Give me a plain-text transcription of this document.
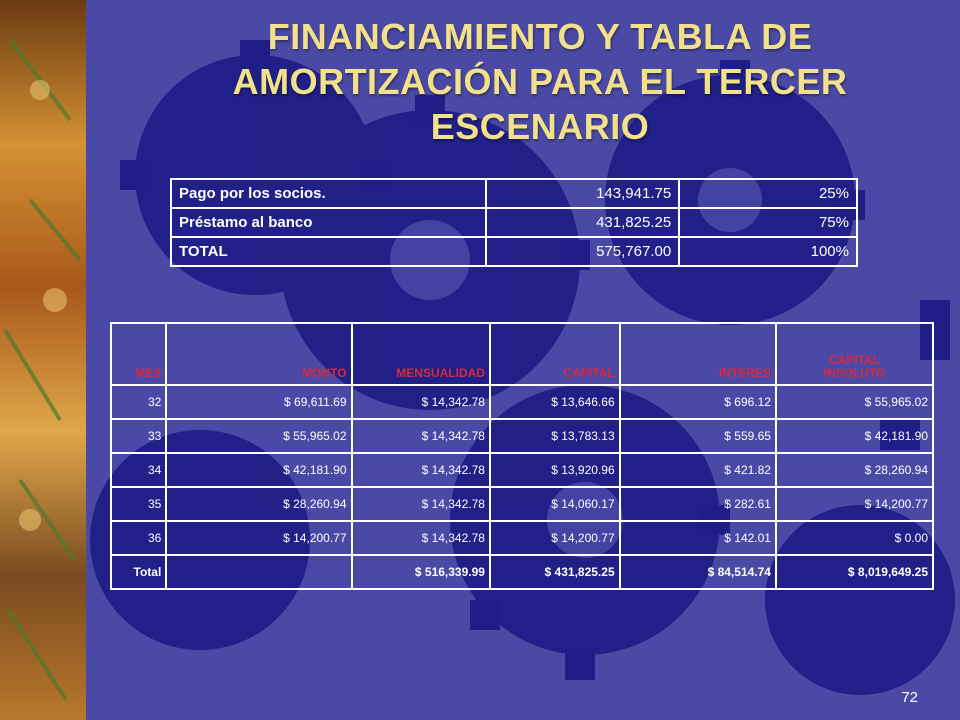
FINANCIAMIENTO Y TABLA DE
AMORTIZACIÓN PARA EL TERCER
ESCENARIO
Pago por los socios.	143,941.75	25%
Préstamo al banco	431,825.25	75%
TOTAL	575,767.00	100%
MES	MONTO	MENSUALIDAD	CAPITAL	INTERES	CAPITAL
INSOLUTO
32	$ 69,611.69	$ 14,342.78	$ 13,646.66	$ 696.12	$ 55,965.02
33	$ 55,965.02	$ 14,342.78	$ 13,783.13	$ 559.65	$ 42,181.90
34	$ 42,181.90	$ 14,342.78	$ 13,920.96	$ 421.82	$ 28,260.94
35	$ 28,260.94	$ 14,342.78	$ 14,060.17	$ 282.61	$ 14,200.77
36	$ 14,200.77	$ 14,342.78	$ 14,200.77	$ 142.01	$ 0.00
Total		$ 516,339.99	$ 431,825.25	$ 84,514.74	$ 8,019,649.25
72
